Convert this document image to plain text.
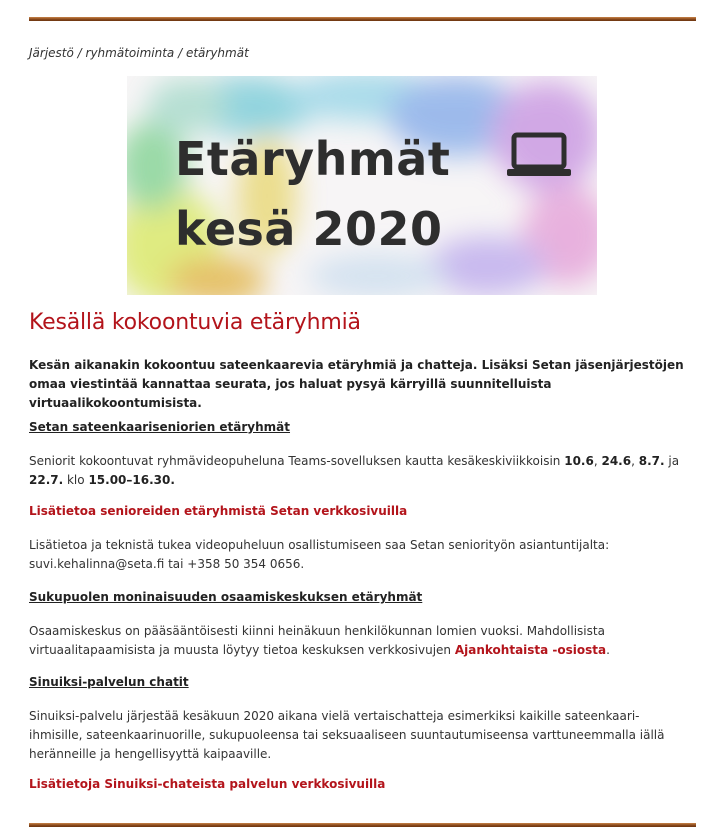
Järjestö / ryhmätoiminta / etäryhmät
Etäryhmät
kesä 2020
Kesällä kokoontuvia etäryhmiä

Kesän aikanakin kokoontuu sateenkaarevia etäryhmiä ja chatteja. Lisäksi Setan jäsenjärjestöjen omaa viestintää kannattaa seurata, jos haluat pysyä kärryillä suunnitelluista virtuaalikokoontumisista.

Setan sateenkaariseniorien etäryhmät

Seniorit kokoontuvat ryhmävideopuheluna Teams-sovelluksen kautta kesäkeskiviikkoisin 10.6, 24.6, 8.7. ja 22.7. klo 15.00–16.30.

Lisätietoa senioreiden etäryhmistä Setan verkkosivuilla

Lisätietoa ja teknistä tukea videopuheluun osallistumiseen saa Setan seniorityön asiantuntijalta: suvi.kehalinna@seta.fi tai +358 50 354 0656.

Sukupuolen moninaisuuden osaamiskeskuksen etäryhmät

Osaamiskeskus on pääsääntöisesti kiinni heinäkuun henkilökunnan lomien vuoksi. Mahdollisista virtuaalitapaamisista ja muusta löytyy tietoa keskuksen verkkosivujen Ajankohtaista -osiosta.

Sinuiksi-palvelun chatit

Sinuiksi-palvelu järjestää kesäkuun 2020 aikana vielä vertaischatteja esimerkiksi kaikille sateenkaari-ihmisille, sateenkaarinuorille, sukupuoleensa tai seksuaaliseen suuntautumiseensa varttuneemmalla iällä heränneille ja hengellisyyttä kaipaaville.

Lisätietoja Sinuiksi-chateista palvelun verkkosivuilla
